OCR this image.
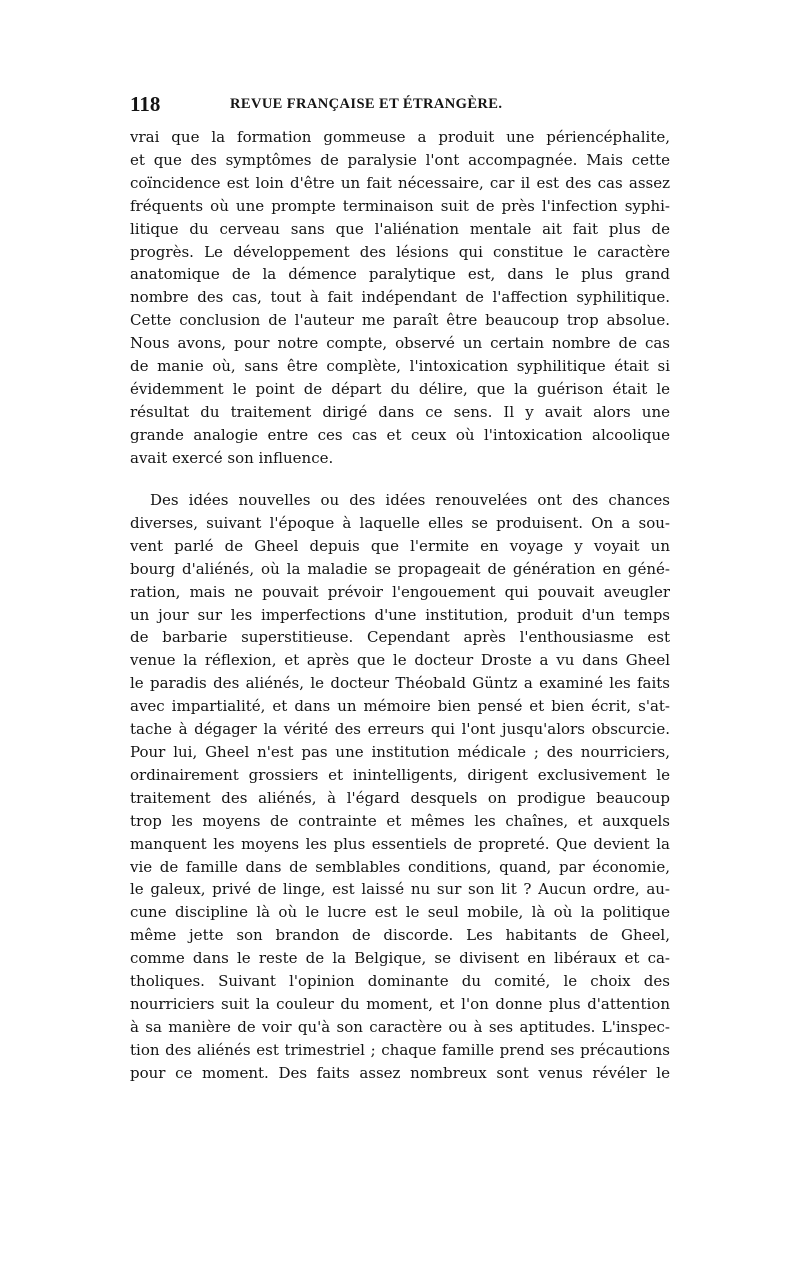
118	REVUE FRANÇAISE ET ÉTRANGÈRE.
vrai que la formation gommeuse a produit une périencéphalite,
et que des symptômes de paralysie l'ont accompagnée. Mais cette
coïncidence est loin d'être un fait nécessaire, car il est des cas assez
fréquents où une prompte terminaison suit de près l'infection syphi-
litique du cerveau sans que l'aliénation mentale ait fait plus de
progrès. Le développement des lésions qui constitue le caractère
anatomique de la démence paralytique est, dans le plus grand
nombre des cas, tout à fait indépendant de l'affection syphilitique.
Cette conclusion de l'auteur me paraît être beaucoup trop absolue.
Nous avons, pour notre compte, observé un certain nombre de cas
de manie où, sans être complète, l'intoxication syphilitique était si
évidemment le point de départ du délire, que la guérison était le
résultat du traitement dirigé dans ce sens. Il y avait alors une
grande analogie entre ces cas et ceux où l'intoxication alcoolique
avait exercé son influence.
Des idées nouvelles ou des idées renouvelées ont des chances
diverses, suivant l'époque à laquelle elles se produisent. On a sou-
vent parlé de Gheel depuis que l'ermite en voyage y voyait un
bourg d'aliénés, où la maladie se propageait de génération en géné-
ration, mais ne pouvait prévoir l'engouement qui pouvait aveugler
un jour sur les imperfections d'une institution, produit d'un temps
de barbarie superstitieuse. Cependant après l'enthousiasme est
venue la réflexion, et après que le docteur Droste a vu dans Gheel
le paradis des aliénés, le docteur Théobald Güntz a examiné les faits
avec impartialité, et dans un mémoire bien pensé et bien écrit, s'at-
tache à dégager la vérité des erreurs qui l'ont jusqu'alors obscurcie.
Pour lui, Gheel n'est pas une institution médicale ; des nourriciers,
ordinairement grossiers et inintelligents, dirigent exclusivement le
traitement des aliénés, à l'égard desquels on prodigue beaucoup
trop les moyens de contrainte et mêmes les chaînes, et auxquels
manquent les moyens les plus essentiels de propreté. Que devient la
vie de famille dans de semblables conditions, quand, par économie,
le galeux, privé de linge, est laissé nu sur son lit ? Aucun ordre, au-
cune discipline là où le lucre est le seul mobile, là où la politique
même jette son brandon de discorde. Les habitants de Gheel,
comme dans le reste de la Belgique, se divisent en libéraux et ca-
tholiques. Suivant l'opinion dominante du comité, le choix des
nourriciers suit la couleur du moment, et l'on donne plus d'attention
à sa manière de voir qu'à son caractère ou à ses aptitudes. L'inspec-
tion des aliénés est trimestriel ; chaque famille prend ses précautions
pour ce moment. Des faits assez nombreux sont venus révéler le
